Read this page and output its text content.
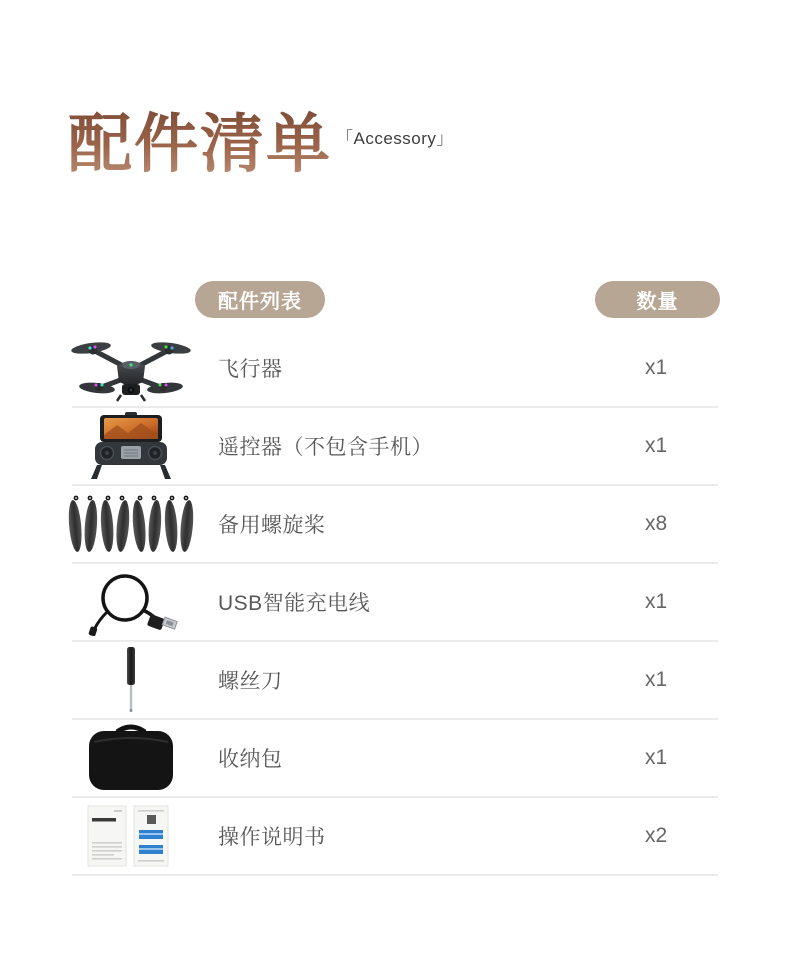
配件清单 「Accessory」
配件列表	数量
飞行器	x1
遥控器（不包含手机）	x1
备用螺旋桨	x8
USB智能充电线	x1
螺丝刀	x1
收纳包	x1
操作说明书	x2
